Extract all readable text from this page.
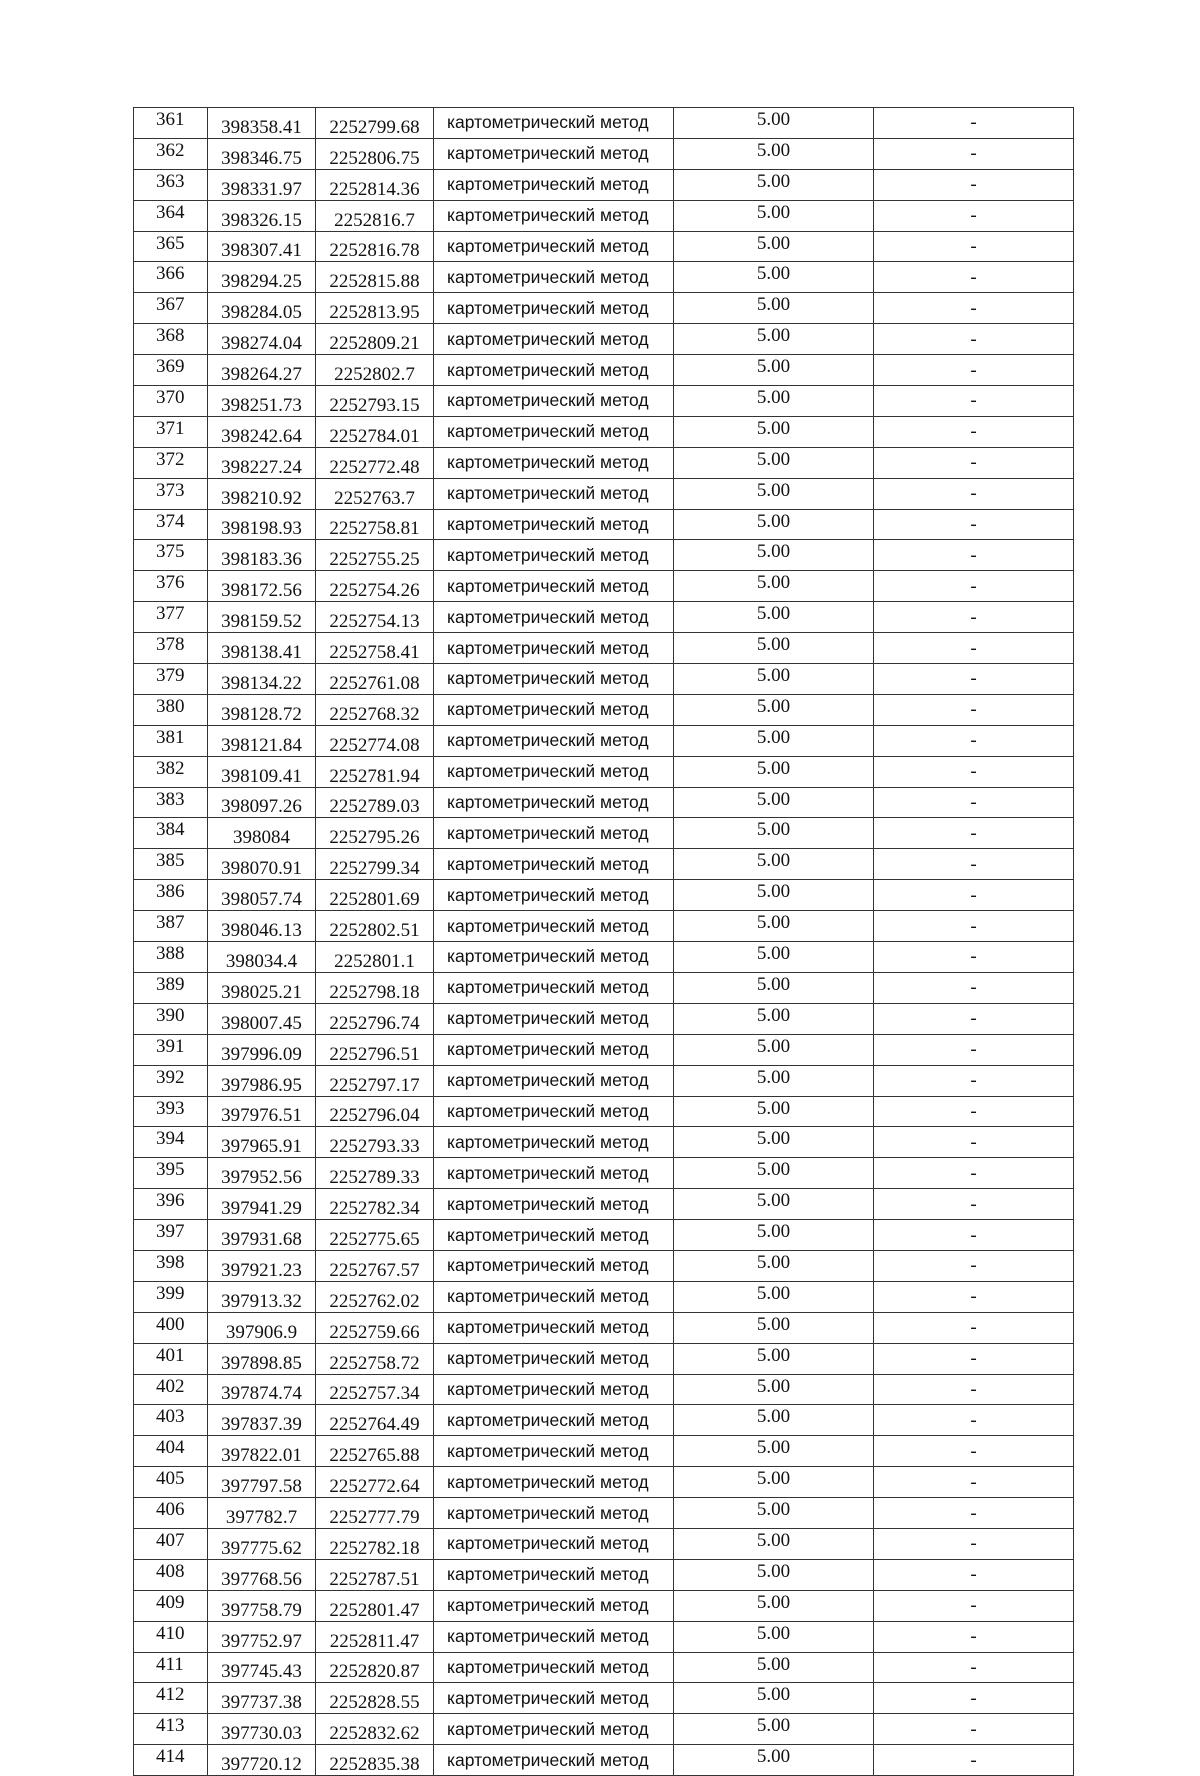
361	398358.41	2252799.68	картометрический метод	5.00	-
362	398346.75	2252806.75	картометрический метод	5.00	-
363	398331.97	2252814.36	картометрический метод	5.00	-
364	398326.15	2252816.7	картометрический метод	5.00	-
365	398307.41	2252816.78	картометрический метод	5.00	-
366	398294.25	2252815.88	картометрический метод	5.00	-
367	398284.05	2252813.95	картометрический метод	5.00	-
368	398274.04	2252809.21	картометрический метод	5.00	-
369	398264.27	2252802.7	картометрический метод	5.00	-
370	398251.73	2252793.15	картометрический метод	5.00	-
371	398242.64	2252784.01	картометрический метод	5.00	-
372	398227.24	2252772.48	картометрический метод	5.00	-
373	398210.92	2252763.7	картометрический метод	5.00	-
374	398198.93	2252758.81	картометрический метод	5.00	-
375	398183.36	2252755.25	картометрический метод	5.00	-
376	398172.56	2252754.26	картометрический метод	5.00	-
377	398159.52	2252754.13	картометрический метод	5.00	-
378	398138.41	2252758.41	картометрический метод	5.00	-
379	398134.22	2252761.08	картометрический метод	5.00	-
380	398128.72	2252768.32	картометрический метод	5.00	-
381	398121.84	2252774.08	картометрический метод	5.00	-
382	398109.41	2252781.94	картометрический метод	5.00	-
383	398097.26	2252789.03	картометрический метод	5.00	-
384	398084	2252795.26	картометрический метод	5.00	-
385	398070.91	2252799.34	картометрический метод	5.00	-
386	398057.74	2252801.69	картометрический метод	5.00	-
387	398046.13	2252802.51	картометрический метод	5.00	-
388	398034.4	2252801.1	картометрический метод	5.00	-
389	398025.21	2252798.18	картометрический метод	5.00	-
390	398007.45	2252796.74	картометрический метод	5.00	-
391	397996.09	2252796.51	картометрический метод	5.00	-
392	397986.95	2252797.17	картометрический метод	5.00	-
393	397976.51	2252796.04	картометрический метод	5.00	-
394	397965.91	2252793.33	картометрический метод	5.00	-
395	397952.56	2252789.33	картометрический метод	5.00	-
396	397941.29	2252782.34	картометрический метод	5.00	-
397	397931.68	2252775.65	картометрический метод	5.00	-
398	397921.23	2252767.57	картометрический метод	5.00	-
399	397913.32	2252762.02	картометрический метод	5.00	-
400	397906.9	2252759.66	картометрический метод	5.00	-
401	397898.85	2252758.72	картометрический метод	5.00	-
402	397874.74	2252757.34	картометрический метод	5.00	-
403	397837.39	2252764.49	картометрический метод	5.00	-
404	397822.01	2252765.88	картометрический метод	5.00	-
405	397797.58	2252772.64	картометрический метод	5.00	-
406	397782.7	2252777.79	картометрический метод	5.00	-
407	397775.62	2252782.18	картометрический метод	5.00	-
408	397768.56	2252787.51	картометрический метод	5.00	-
409	397758.79	2252801.47	картометрический метод	5.00	-
410	397752.97	2252811.47	картометрический метод	5.00	-
411	397745.43	2252820.87	картометрический метод	5.00	-
412	397737.38	2252828.55	картометрический метод	5.00	-
413	397730.03	2252832.62	картометрический метод	5.00	-
414	397720.12	2252835.38	картометрический метод	5.00	-
